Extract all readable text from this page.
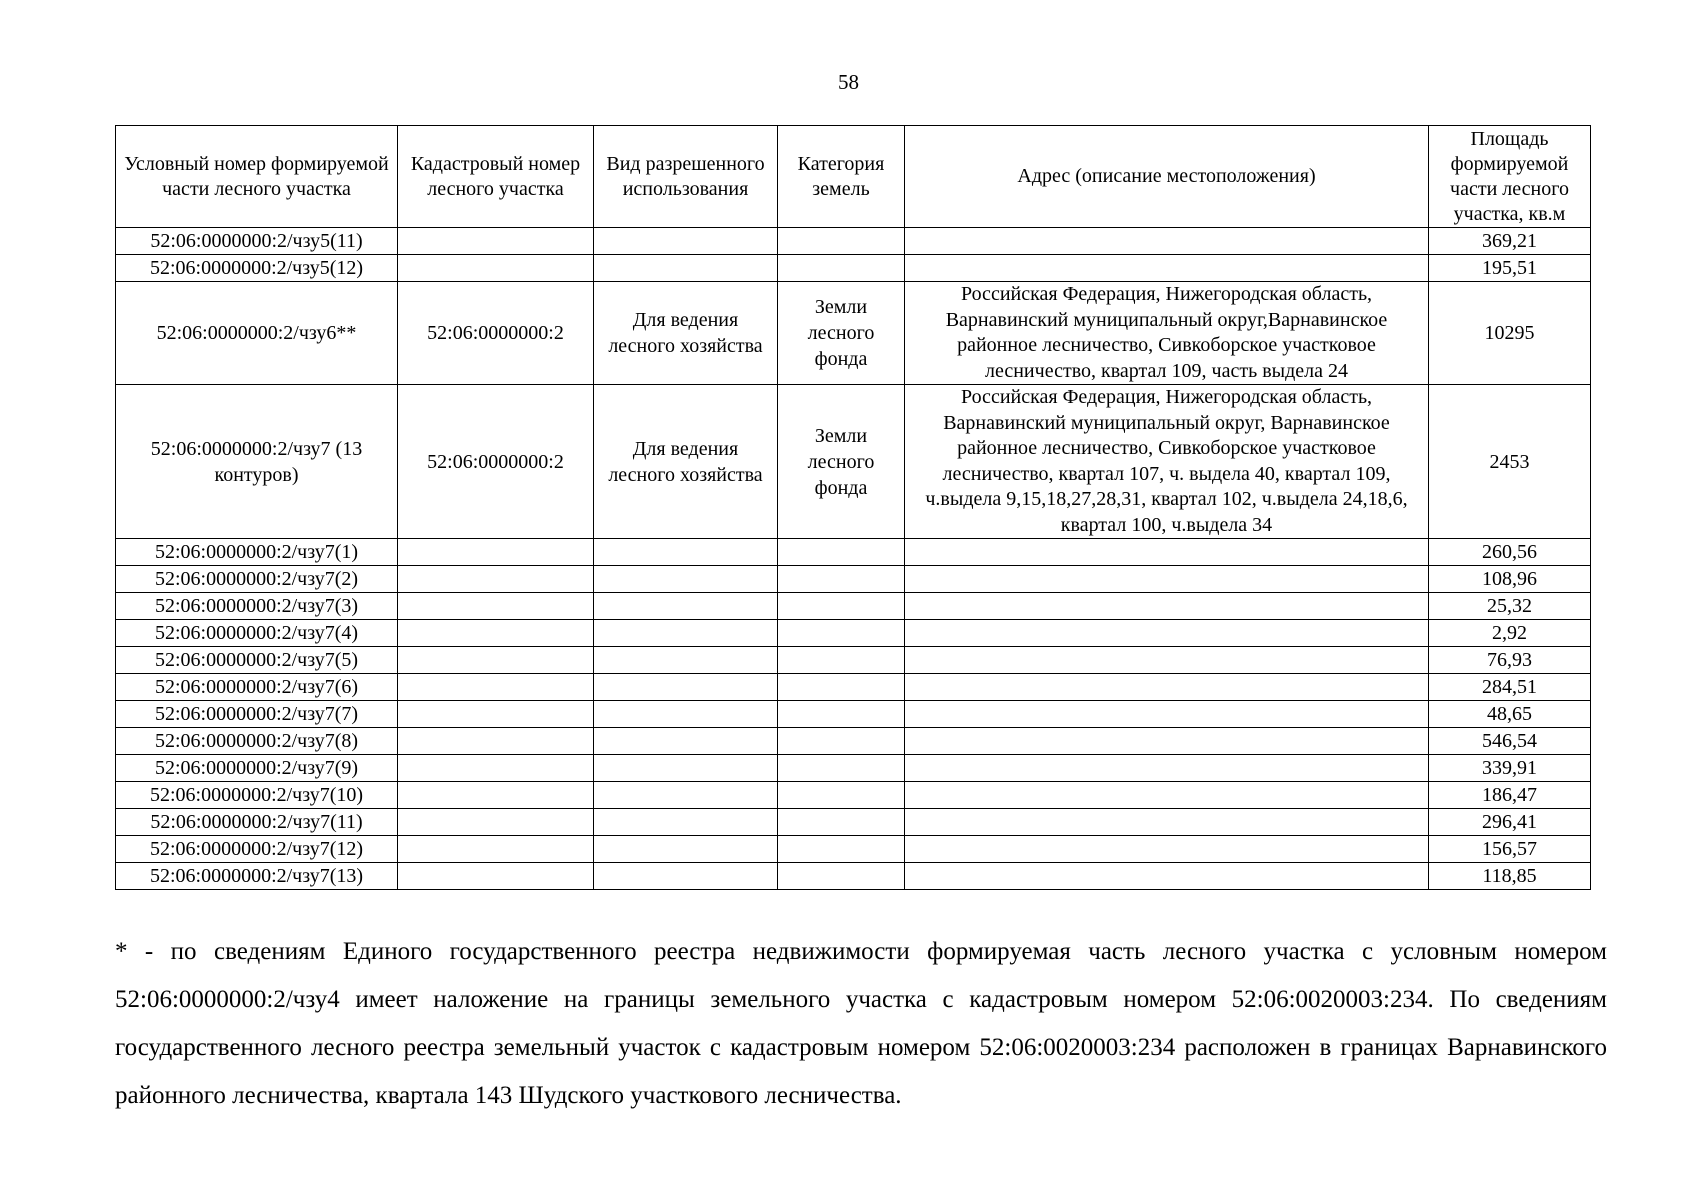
58
Условный номер формируемой части лесного участка	Кадастровый номер лесного участка	Вид разрешенного использования	Категория земель	Адрес (описание местоположения)	Площадь формируемой части лесного участка, кв.м
52:06:0000000:2/чзу5(11)					369,21
52:06:0000000:2/чзу5(12)					195,51
52:06:0000000:2/чзу6**	52:06:0000000:2	Для ведения лесного хозяйства	Земли лесного фонда	Российская Федерация, Нижегородская область, Варнавинский муниципальный округ,Варнавинское районное лесничество, Сивкоборское участковое лесничество, квартал 109, часть выдела 24	10295
52:06:0000000:2/чзу7 (13 контуров)	52:06:0000000:2	Для ведения лесного хозяйства	Земли лесного фонда	Российская Федерация, Нижегородская область, Варнавинский муниципальный округ, Варнавинское районное лесничество, Сивкоборское участковое лесничество, квартал 107, ч. выдела 40, квартал 109, ч.выдела 9,15,18,27,28,31, квартал 102, ч.выдела 24,18,6, квартал 100, ч.выдела 34	2453
52:06:0000000:2/чзу7(1)					260,56
52:06:0000000:2/чзу7(2)					108,96
52:06:0000000:2/чзу7(3)					25,32
52:06:0000000:2/чзу7(4)					2,92
52:06:0000000:2/чзу7(5)					76,93
52:06:0000000:2/чзу7(6)					284,51
52:06:0000000:2/чзу7(7)					48,65
52:06:0000000:2/чзу7(8)					546,54
52:06:0000000:2/чзу7(9)					339,91
52:06:0000000:2/чзу7(10)					186,47
52:06:0000000:2/чзу7(11)					296,41
52:06:0000000:2/чзу7(12)					156,57
52:06:0000000:2/чзу7(13)					118,85
* - по сведениям Единого государственного реестра недвижимости формируемая часть лесного участка с условным номером 52:06:0000000:2/чзу4 имеет наложение на границы земельного участка с кадастровым номером 52:06:0020003:234. По сведениям государственного лесного реестра земельный участок с кадастровым номером 52:06:0020003:234 расположен в границах Варнавинского районного лесничества, квартала 143 Шудского участкового лесничества.
